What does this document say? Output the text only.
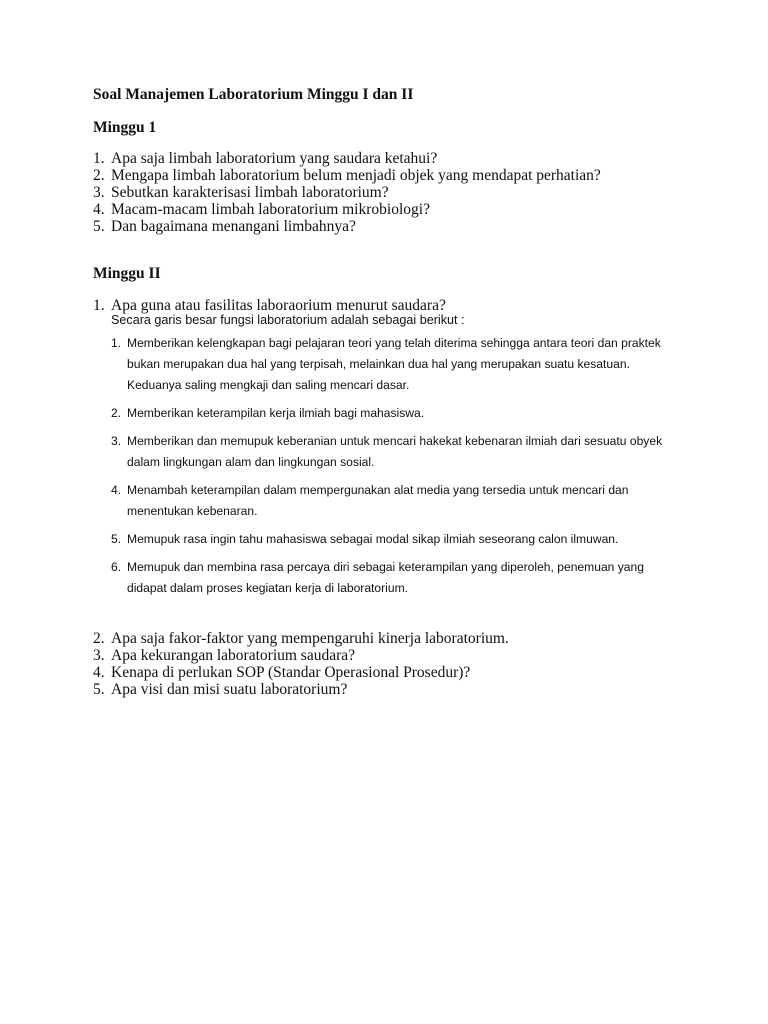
Soal Manajemen Laboratorium Minggu I dan II
Minggu 1
1. Apa saja limbah laboratorium yang saudara ketahui?
2. Mengapa limbah laboratorium belum menjadi objek yang mendapat perhatian?
3. Sebutkan karakterisasi limbah laboratorium?
4. Macam-macam limbah laboratorium mikrobiologi?
5. Dan bagaimana menangani limbahnya?
Minggu II
1. Apa guna atau fasilitas laboraorium menurut saudara?

Secara garis besar fungsi laboratorium adalah sebagai berikut :

1. Memberikan kelengkapan bagi pelajaran teori yang telah diterima sehingga antara teori dan praktek bukan merupakan dua hal yang terpisah, melainkan dua hal yang merupakan suatu kesatuan. Keduanya saling mengkaji dan saling mencari dasar.
2. Memberikan keterampilan kerja ilmiah bagi mahasiswa.
3. Memberikan dan memupuk keberanian untuk mencari hakekat kebenaran ilmiah dari sesuatu obyek dalam lingkungan alam dan lingkungan sosial.
4. Menambah keterampilan dalam mempergunakan alat media yang tersedia untuk mencari dan menentukan kebenaran.
5. Memupuk rasa ingin tahu mahasiswa sebagai modal sikap ilmiah seseorang calon ilmuwan.
6. Memupuk dan membina rasa percaya diri sebagai keterampilan yang diperoleh, penemuan yang didapat dalam proses kegiatan kerja di laboratorium.
2. Apa saja fakor-faktor yang mempengaruhi kinerja laboratorium.
3. Apa kekurangan laboratorium saudara?
4. Kenapa di perlukan SOP (Standar Operasional Prosedur)?
5. Apa visi dan misi suatu laboratorium?
